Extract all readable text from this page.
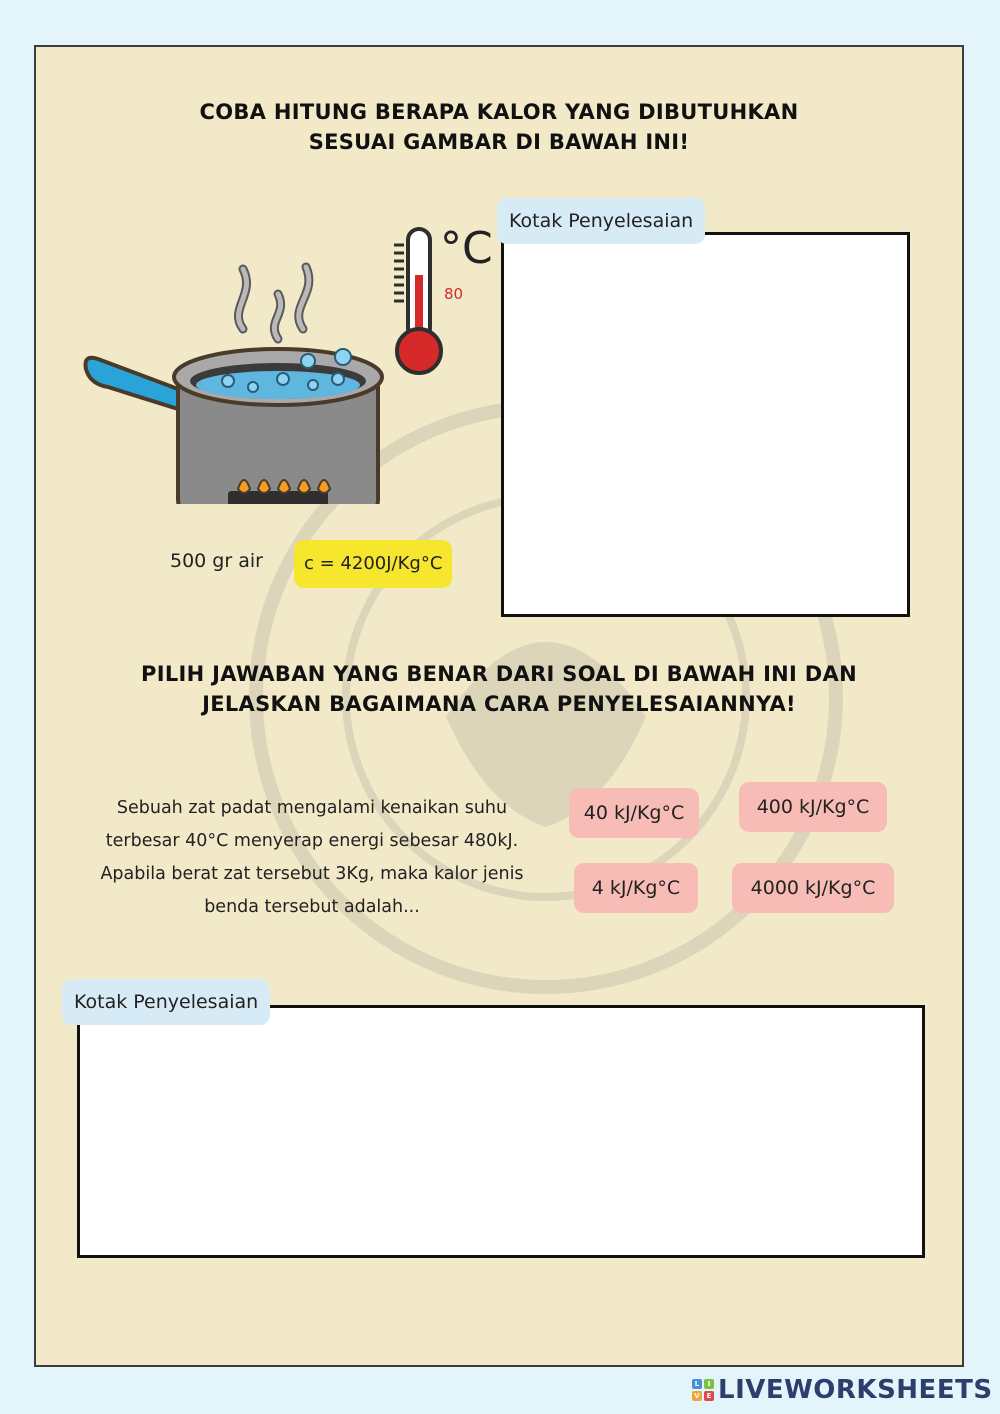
COBA HITUNG BERAPA KALOR YANG DIBUTUHKAN
SESUAI GAMBAR DI BAWAH INI!
°C
80
500 gr air	c = 4200J/Kg°C
Kotak Penyelesaian
PILIH JAWABAN YANG BENAR DARI SOAL DI BAWAH INI DAN
JELASKAN BAGAIMANA CARA PENYELESAIANNYA!
Sebuah zat padat mengalami kenaikan suhu
terbesar 40°C menyerap energi sebesar 480kJ.
Apabila berat zat tersebut 3Kg, maka kalor jenis
benda tersebut adalah...
40 kJ/Kg°C	400 kJ/Kg°C
4 kJ/Kg°C	4000 kJ/Kg°C
Kotak Penyelesaian
L	I
V E LIVEWORKSHEETS
